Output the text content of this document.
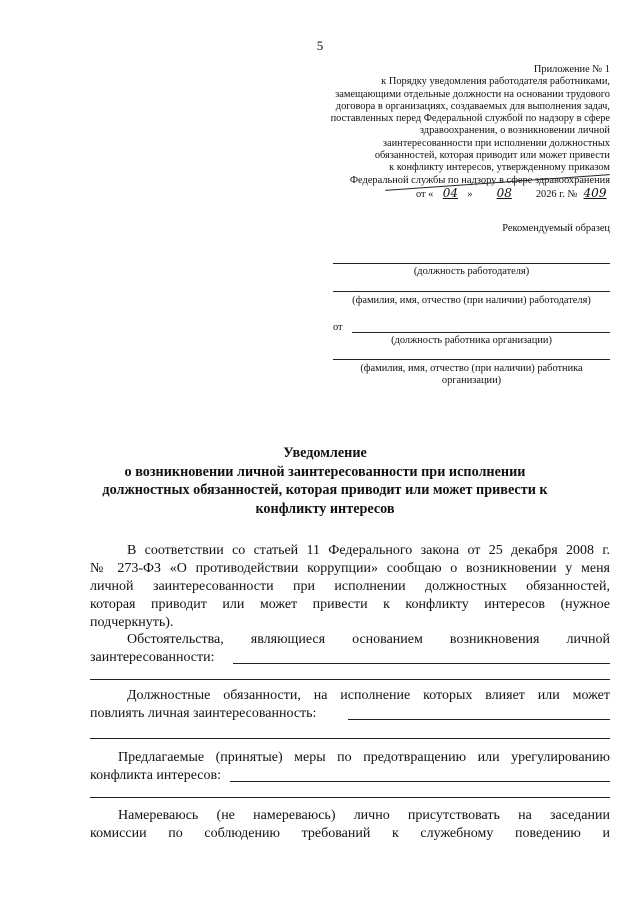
5
Приложение № 1
к Порядку уведомления работодателя работниками,
замещающими отдельные должности на основании трудового
договора в организациях, создаваемых для выполнения задач,
поставленных перед Федеральной службой по надзору в сфере
здравоохранения, о возникновении личной
заинтересованности при исполнении должностных
обязанностей, которая приводит или может привести
к конфликту интересов, утвержденному приказом
Федеральной службы по надзору в сфере здравоохранения
от « 04 » 08 2026 г. № 409
Рекомендуемый образец
(должность работодателя)
(фамилия, имя, отчество (при наличии) работодателя)
от
(должность работника организации)
(фамилия, имя, отчество (при наличии) работника
организации)
Уведомление
о возникновении личной заинтересованности при исполнении
должностных обязанностей, которая приводит или может привести к
конфликту интересов
В соответствии со статьей 11 Федерального закона от 25 декабря 2008 г.
№ 273-ФЗ «О противодействии коррупции» сообщаю о возникновении у меня
личной заинтересованности при исполнении должностных обязанностей,
которая приводит или может привести к конфликту интересов (нужное
подчеркнуть).
Обстоятельства, являющиеся основанием возникновения личной
заинтересованности:
Должностные обязанности, на исполнение которых влияет или может
повлиять личная заинтересованность:
Предлагаемые (принятые) меры по предотвращению или урегулированию
конфликта интересов:
Намереваюсь (не намереваюсь) лично присутствовать на заседании
комиссии по соблюдению требований к служебному поведению и
